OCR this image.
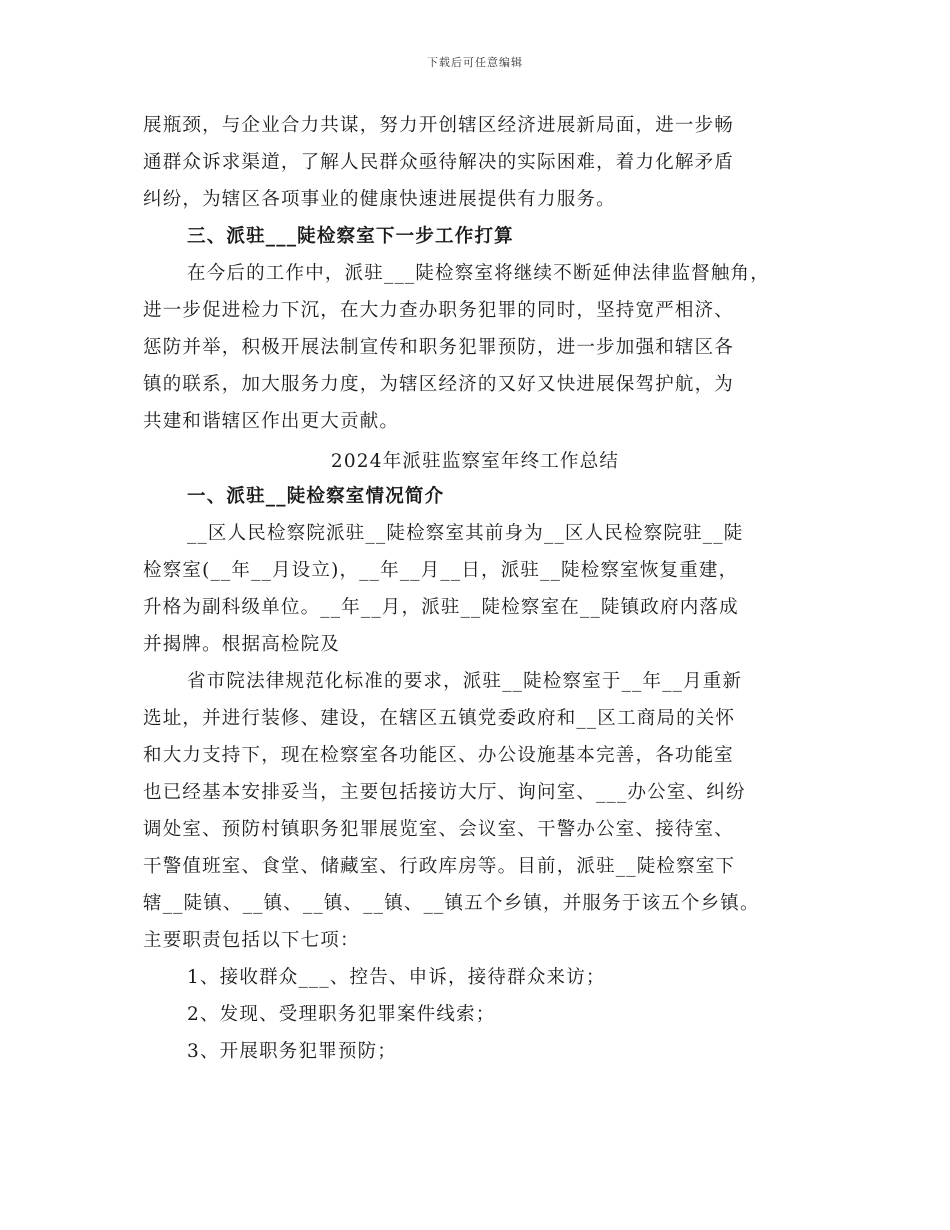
下载后可任意编辑
展瓶颈，与企业合力共谋，努力开创辖区经济进展新局面，进一步畅
通群众诉求渠道，了解人民群众亟待解决的实际困难，着力化解矛盾
纠纷，为辖区各项事业的健康快速进展提供有力服务。
三、派驻___陡检察室下一步工作打算
在今后的工作中，派驻___陡检察室将继续不断延伸法律监督触角，
进一步促进检力下沉，在大力查办职务犯罪的同时，坚持宽严相济、
惩防并举，积极开展法制宣传和职务犯罪预防，进一步加强和辖区各
镇的联系，加大服务力度，为辖区经济的又好又快进展保驾护航，为
共建和谐辖区作出更大贡献。
2024年派驻监察室年终工作总结
一、派驻__陡检察室情况简介
__区人民检察院派驻__陡检察室其前身为__区人民检察院驻__陡
检察室(__年__月设立)，__年__月__日，派驻__陡检察室恢复重建，
升格为副科级单位。__年__月，派驻__陡检察室在__陡镇政府内落成
并揭牌。根据高检院及
省市院法律规范化标准的要求，派驻__陡检察室于__年__月重新
选址，并进行装修、建设，在辖区五镇党委政府和__区工商局的关怀
和大力支持下，现在检察室各功能区、办公设施基本完善，各功能室
也已经基本安排妥当，主要包括接访大厅、询问室、___办公室、纠纷
调处室、预防村镇职务犯罪展览室、会议室、干警办公室、接待室、
干警值班室、食堂、储藏室、行政库房等。目前，派驻__陡检察室下
辖__陡镇、__镇、__镇、__镇、__镇五个乡镇，并服务于该五个乡镇。
主要职责包括以下七项：
1、接收群众___、控告、申诉，接待群众来访；
2、发现、受理职务犯罪案件线索；
3、开展职务犯罪预防；
